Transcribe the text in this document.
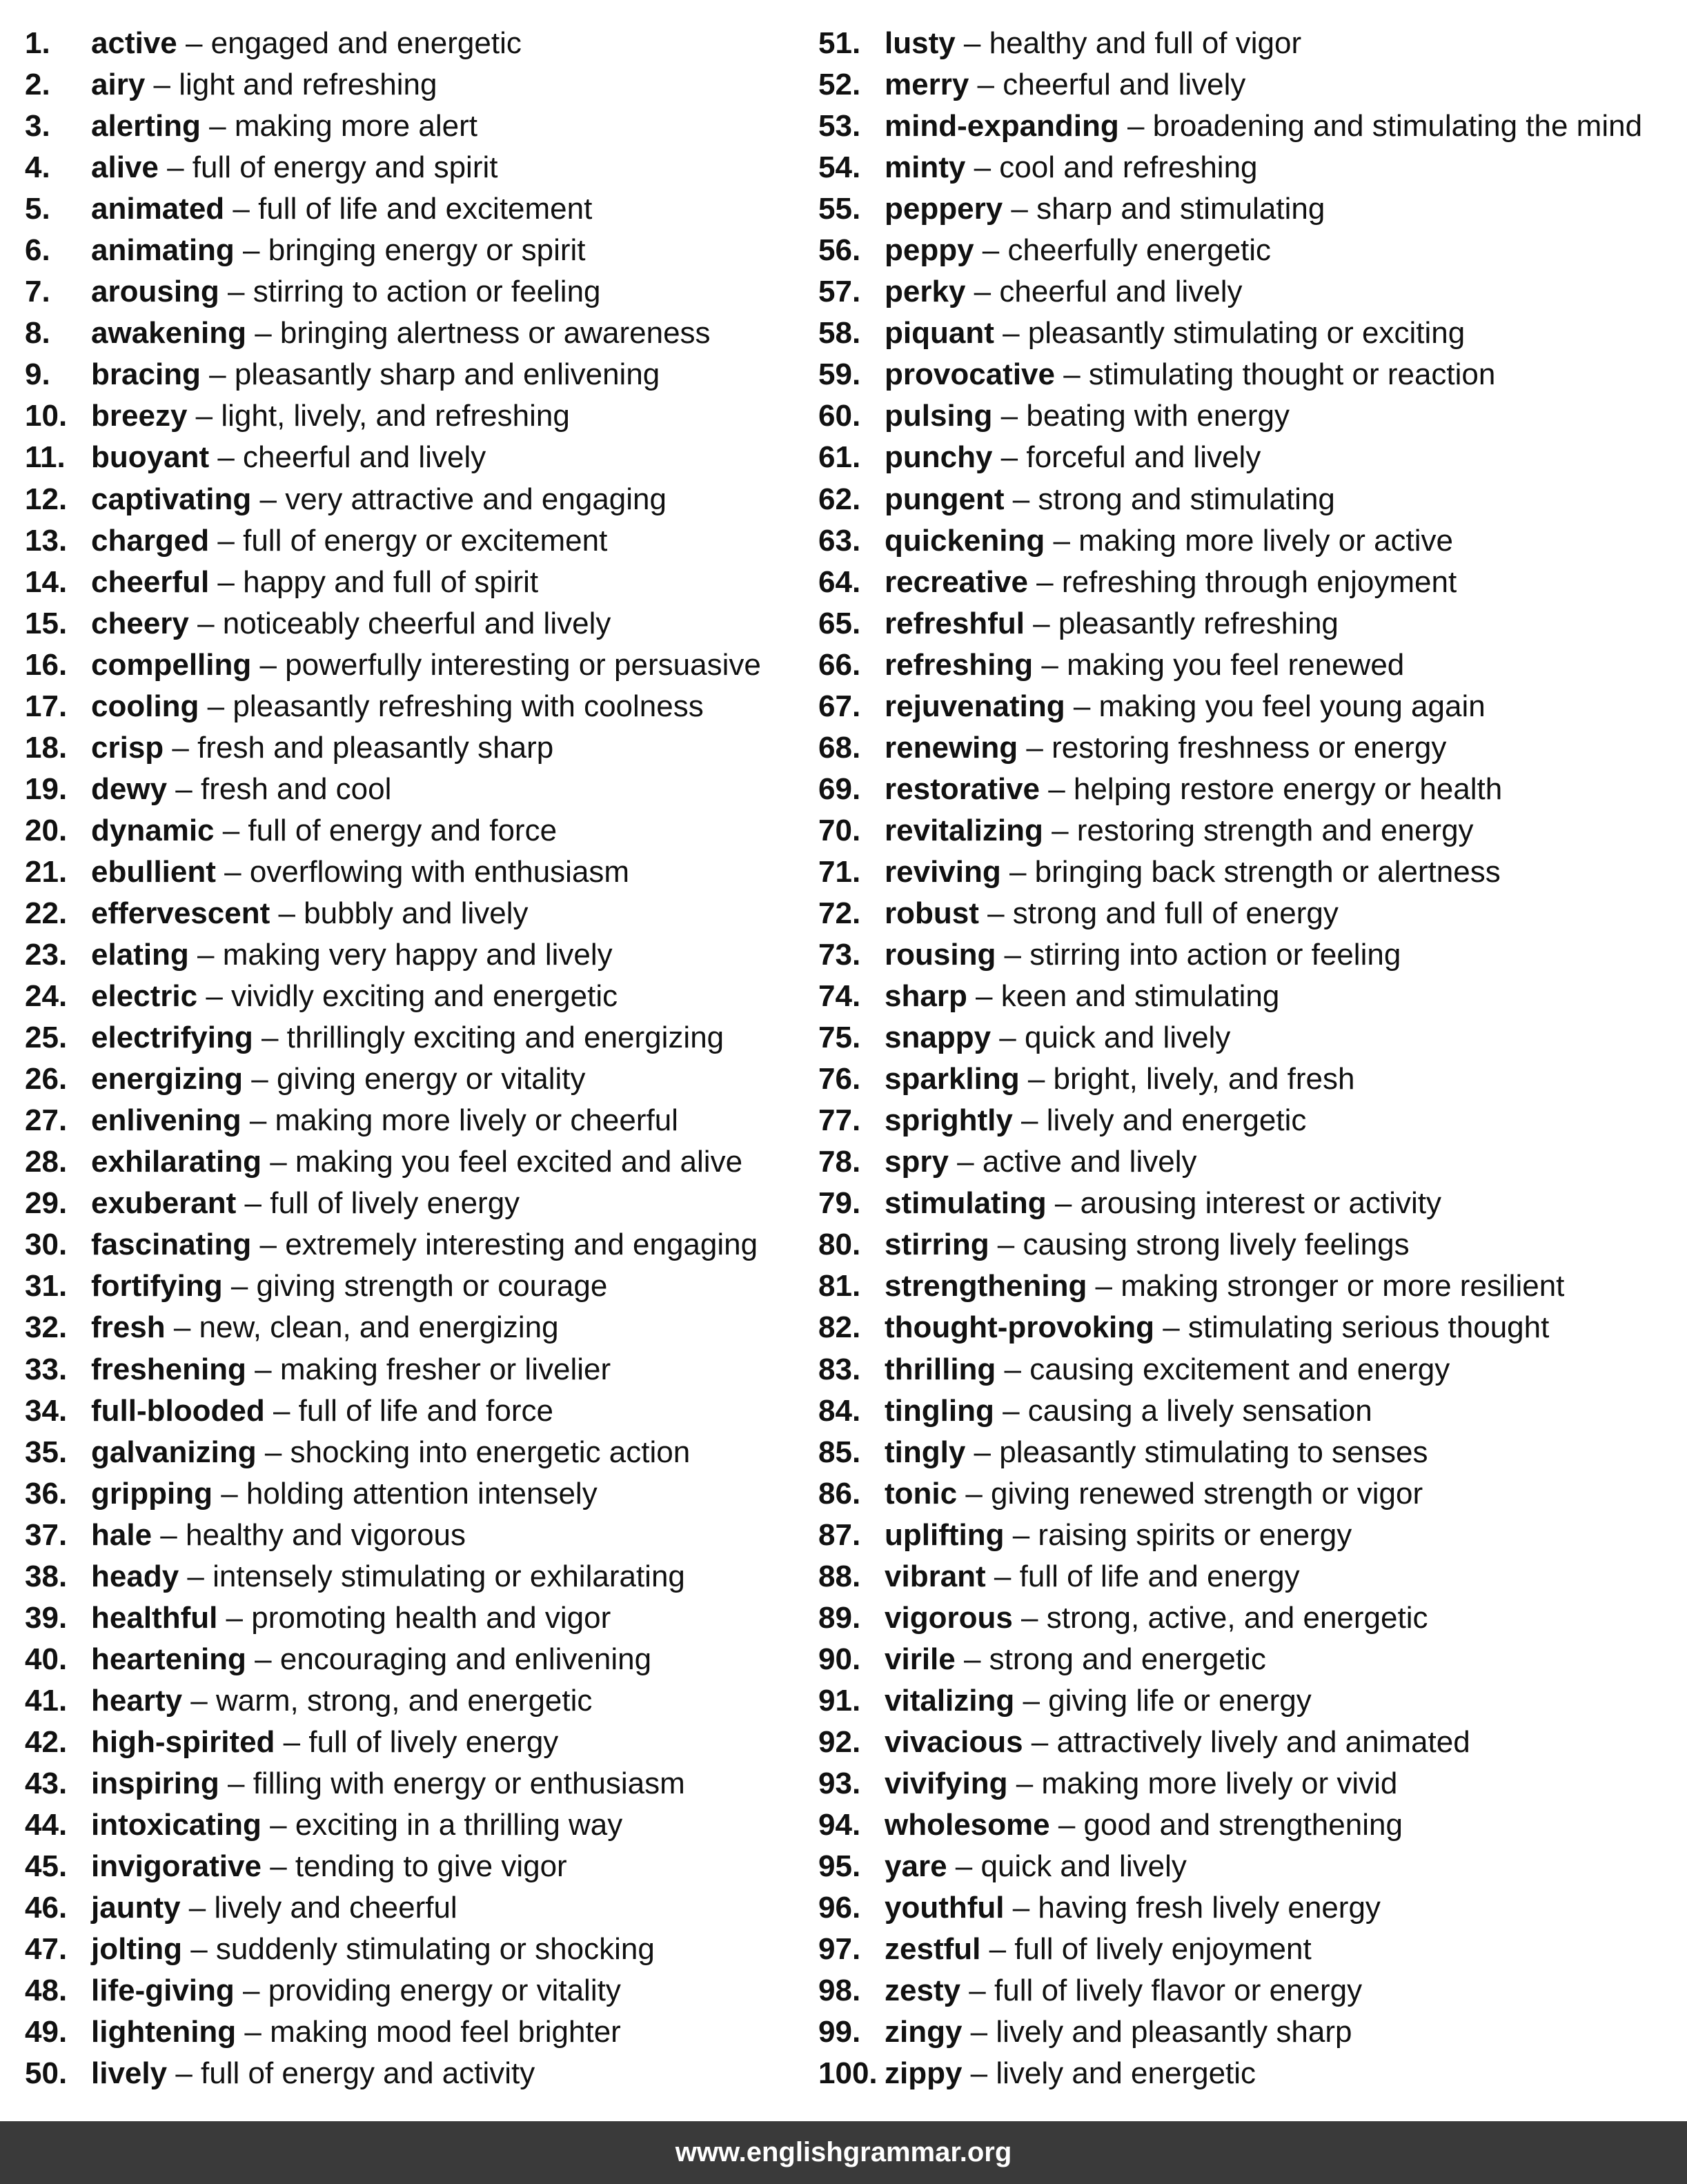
1.	active – engaged and energetic
2.	airy – light and refreshing
3.	alerting – making more alert
4.	alive – full of energy and spirit
5.	animated – full of life and excitement
6.	animating – bringing energy or spirit
7.	arousing – stirring to action or feeling
8.	awakening – bringing alertness or awareness
9.	bracing – pleasantly sharp and enlivening
10. breezy – light, lively, and refreshing
11. buoyant – cheerful and lively
12. captivating – very attractive and engaging
13. charged – full of energy or excitement
14. cheerful – happy and full of spirit
15. cheery – noticeably cheerful and lively
16. compelling – powerfully interesting or persuasive
17. cooling – pleasantly refreshing with coolness
18. crisp – fresh and pleasantly sharp
19. dewy – fresh and cool
20. dynamic – full of energy and force
21. ebullient – overflowing with enthusiasm
22. effervescent – bubbly and lively
23. elating – making very happy and lively
24. electric – vividly exciting and energetic
25. electrifying – thrillingly exciting and energizing
26. energizing – giving energy or vitality
27. enlivening – making more lively or cheerful
28. exhilarating – making you feel excited and alive
29. exuberant – full of lively energy
30. fascinating – extremely interesting and engaging
31. fortifying – giving strength or courage
32. fresh – new, clean, and energizing
33. freshening – making fresher or livelier
34. full-blooded – full of life and force
35. galvanizing – shocking into energetic action
36. gripping – holding attention intensely
37. hale – healthy and vigorous
38. heady – intensely stimulating or exhilarating
39. healthful – promoting health and vigor
40. heartening – encouraging and enlivening
41. hearty – warm, strong, and energetic
42. high-spirited – full of lively energy
43. inspiring – filling with energy or enthusiasm
44. intoxicating – exciting in a thrilling way
45. invigorative – tending to give vigor
46. jaunty – lively and cheerful
47. jolting – suddenly stimulating or shocking
48. life-giving – providing energy or vitality
49. lightening – making mood feel brighter
50. lively – full of energy and activity
51. lusty – healthy and full of vigor
52. merry – cheerful and lively
53. mind-expanding – broadening and stimulating the mind
54. minty – cool and refreshing
55. peppery – sharp and stimulating
56. peppy – cheerfully energetic
57. perky – cheerful and lively
58. piquant – pleasantly stimulating or exciting
59. provocative – stimulating thought or reaction
60. pulsing – beating with energy
61. punchy – forceful and lively
62. pungent – strong and stimulating
63. quickening – making more lively or active
64. recreative – refreshing through enjoyment
65. refreshful – pleasantly refreshing
66. refreshing – making you feel renewed
67. rejuvenating – making you feel young again
68. renewing – restoring freshness or energy
69. restorative – helping restore energy or health
70. revitalizing – restoring strength and energy
71. reviving – bringing back strength or alertness
72. robust – strong and full of energy
73. rousing – stirring into action or feeling
74. sharp – keen and stimulating
75. snappy – quick and lively
76. sparkling – bright, lively, and fresh
77. sprightly – lively and energetic
78. spry – active and lively
79. stimulating – arousing interest or activity
80. stirring – causing strong lively feelings
81. strengthening – making stronger or more resilient
82. thought-provoking – stimulating serious thought
83. thrilling – causing excitement and energy
84. tingling – causing a lively sensation
85. tingly – pleasantly stimulating to senses
86. tonic – giving renewed strength or vigor
87. uplifting – raising spirits or energy
88. vibrant – full of life and energy
89. vigorous – strong, active, and energetic
90. virile – strong and energetic
91. vitalizing – giving life or energy
92. vivacious – attractively lively and animated
93. vivifying – making more lively or vivid
94. wholesome – good and strengthening
95. yare – quick and lively
96. youthful – having fresh lively energy
97. zestful – full of lively enjoyment
98. zesty – full of lively flavor or energy
99. zingy – lively and pleasantly sharp
100. zippy – lively and energetic
www.englishgrammar.org
